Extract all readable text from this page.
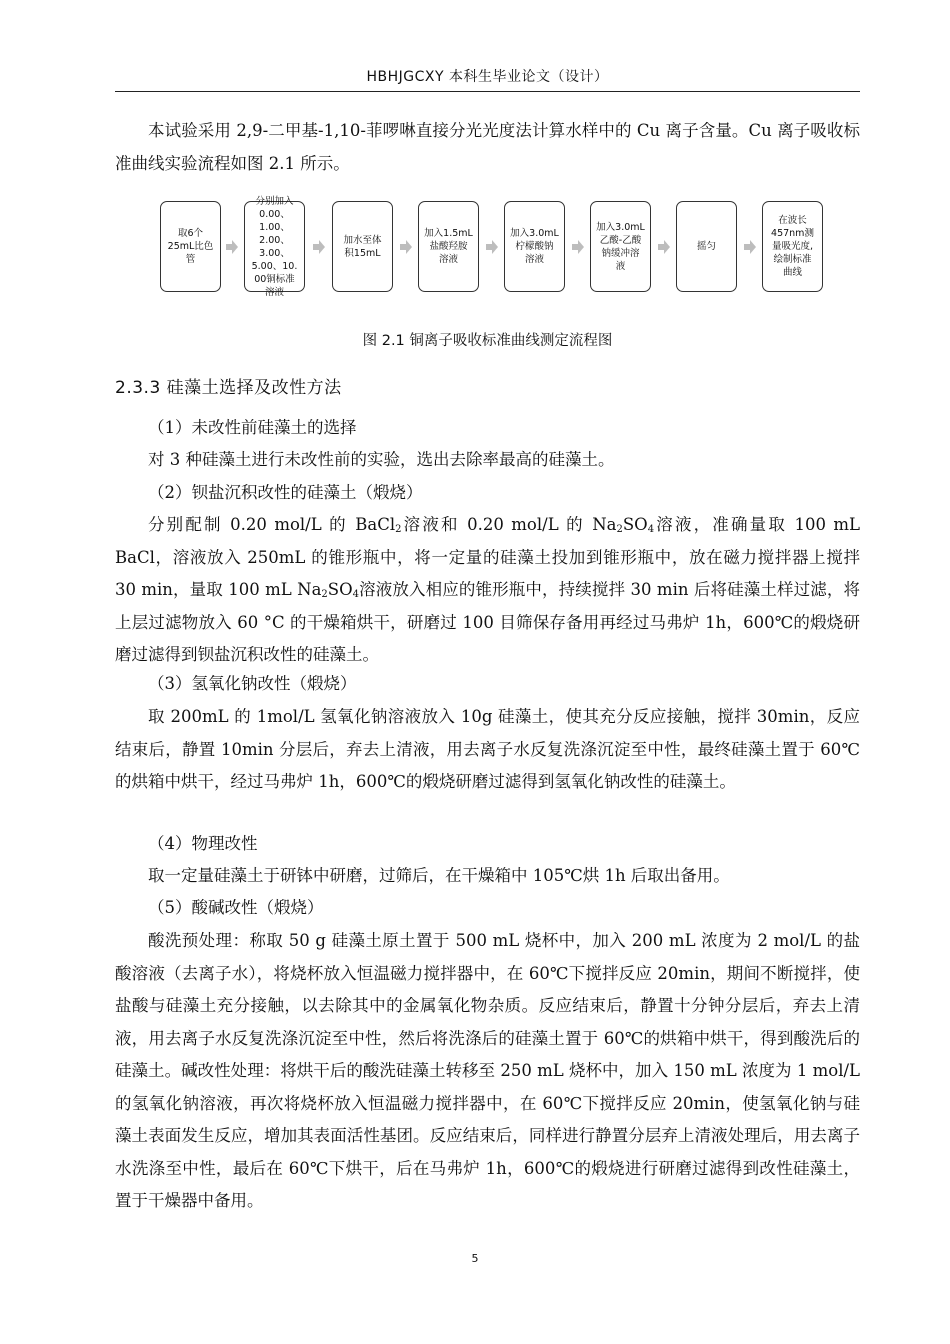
HBHJGCXY 本科生毕业论文（设计）

本试验采用 2,9-二甲基-1,10-菲啰啉直接分光光度法计算水样中的 Cu 离子含量。Cu 离子吸收标准曲线实验流程如图 2.1 所示。

取6个
25mL比色
管
分别加入
0.00、1.00、
2.00、3.00、
5.00、10.
00铜标准
溶液
加水至体
积15mL
加入1.5mL
盐酸羟胺
溶液
加入3.0mL
柠檬酸钠
溶液
加入3.0mL
乙酸-乙酸
钠缓冲溶
液
摇匀
在波长
457nm测
量吸光度,
绘制标准
曲线
图 2.1 铜离子吸收标准曲线测定流程图
2.3.3 硅藻土选择及改性方法

（1）未改性前硅藻土的选择

对 3 种硅藻土进行未改性前的实验，选出去除率最高的硅藻土。

（2）钡盐沉积改性的硅藻土（煅烧）

分别配制 0.20 mol/L 的 BaCl$_2$溶液和 0.20 mol/L 的 $Na_2SO_4$溶液，准确量取 100 mL BaCl，溶液放入 250mL 的锥形瓶中，将一定量的硅藻土投加到锥形瓶中，放在磁力搅拌器上搅拌 30 min，量取 100 mL $Na_2SO_4$溶液放入相应的锥形瓶中，持续搅拌 30 min 后将硅藻土样过滤，将上层过滤物放入 60 °C 的干燥箱烘干，研磨过 100 目筛保存备用再经过马弗炉 1h，600℃的煅烧研磨过滤得到钡盐沉积改性的硅藻土。

（3）氢氧化钠改性（煅烧）

取 200mL 的 1mol/L 氢氧化钠溶液放入 10g 硅藻土，使其充分反应接触，搅拌 30min，反应结束后，静置 10min 分层后，弃去上清液，用去离子水反复洗涤沉淀至中性，最终硅藻土置于 60℃的烘箱中烘干，经过马弗炉 1h，600℃的煅烧研磨过滤得到氢氧化钠改性的硅藻土。

（4）物理改性

取一定量硅藻土于研钵中研磨，过筛后，在干燥箱中 105℃烘 1h 后取出备用。

（5）酸碱改性（煅烧）

酸洗预处理：称取 50 g 硅藻土原土置于 500 mL 烧杯中，加入 200 mL 浓度为 2 mol/L 的盐酸溶液（去离子水），将烧杯放入恒温磁力搅拌器中，在 60℃下搅拌反应 20min，期间不断搅拌，使盐酸与硅藻土充分接触，以去除其中的金属氧化物杂质。反应结束后，静置十分钟分层后，弃去上清液，用去离子水反复洗涤沉淀至中性，然后将洗涤后的硅藻土置于 60℃的烘箱中烘干，得到酸洗后的硅藻土。碱改性处理：将烘干后的酸洗硅藻土转移至 250 mL 烧杯中，加入 150 mL 浓度为 1 mol/L 的氢氧化钠溶液，再次将烧杯放入恒温磁力搅拌器中，在 60℃下搅拌反应 20min，使氢氧化钠与硅藻土表面发生反应，增加其表面活性基团。反应结束后，同样进行静置分层弃上清液处理后，用去离子水洗涤至中性，最后在 60℃下烘干，后在马弗炉 1h，600℃的煅烧进行研磨过滤得到改性硅藻土，置于干燥器中备用。

5
